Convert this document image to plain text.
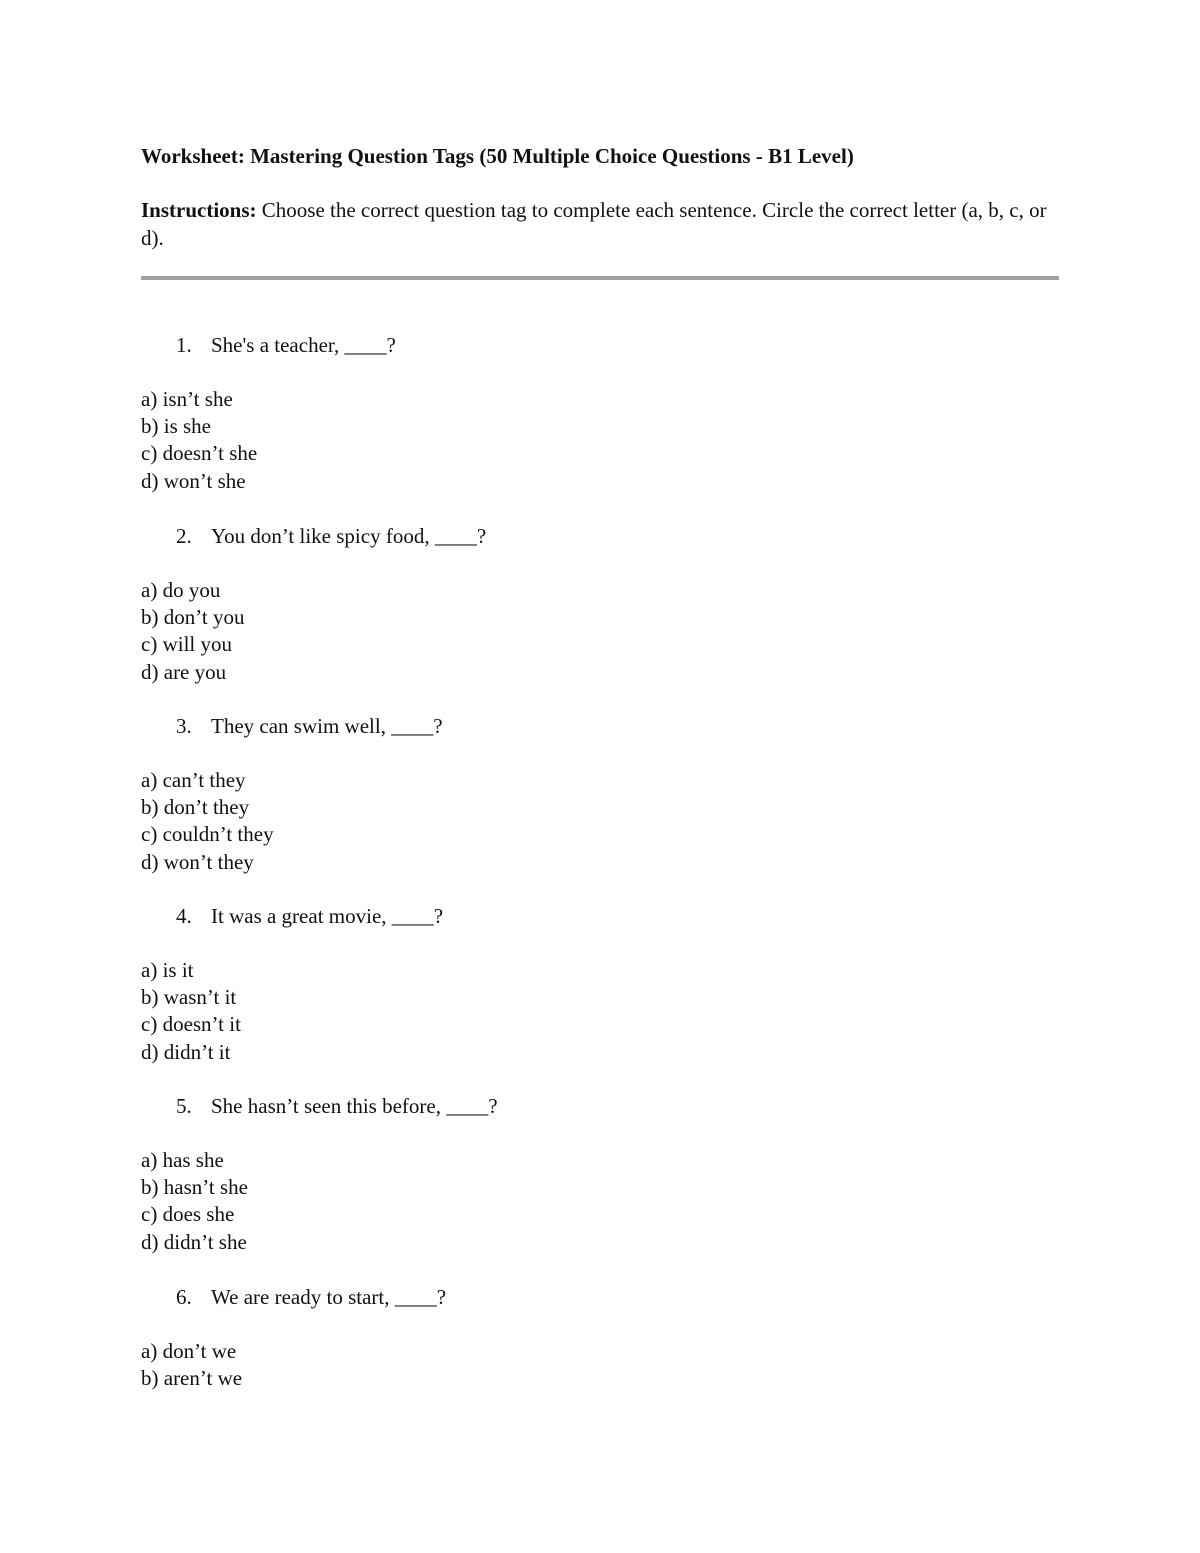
Worksheet: Mastering Question Tags (50 Multiple Choice Questions - B1 Level)
Instructions: Choose the correct question tag to complete each sentence. Circle the correct letter (a, b, c, or d).
1. She's a teacher, ____?
a) isn’t she
b) is she
c) doesn’t she
d) won’t she
2. You don’t like spicy food, ____?
a) do you
b) don’t you
c) will you
d) are you
3. They can swim well, ____?
a) can’t they
b) don’t they
c) couldn’t they
d) won’t they
4. It was a great movie, ____?
a) is it
b) wasn’t it
c) doesn’t it
d) didn’t it
5. She hasn’t seen this before, ____?
a) has she
b) hasn’t she
c) does she
d) didn’t she
6. We are ready to start, ____?
a) don’t we
b) aren’t we
